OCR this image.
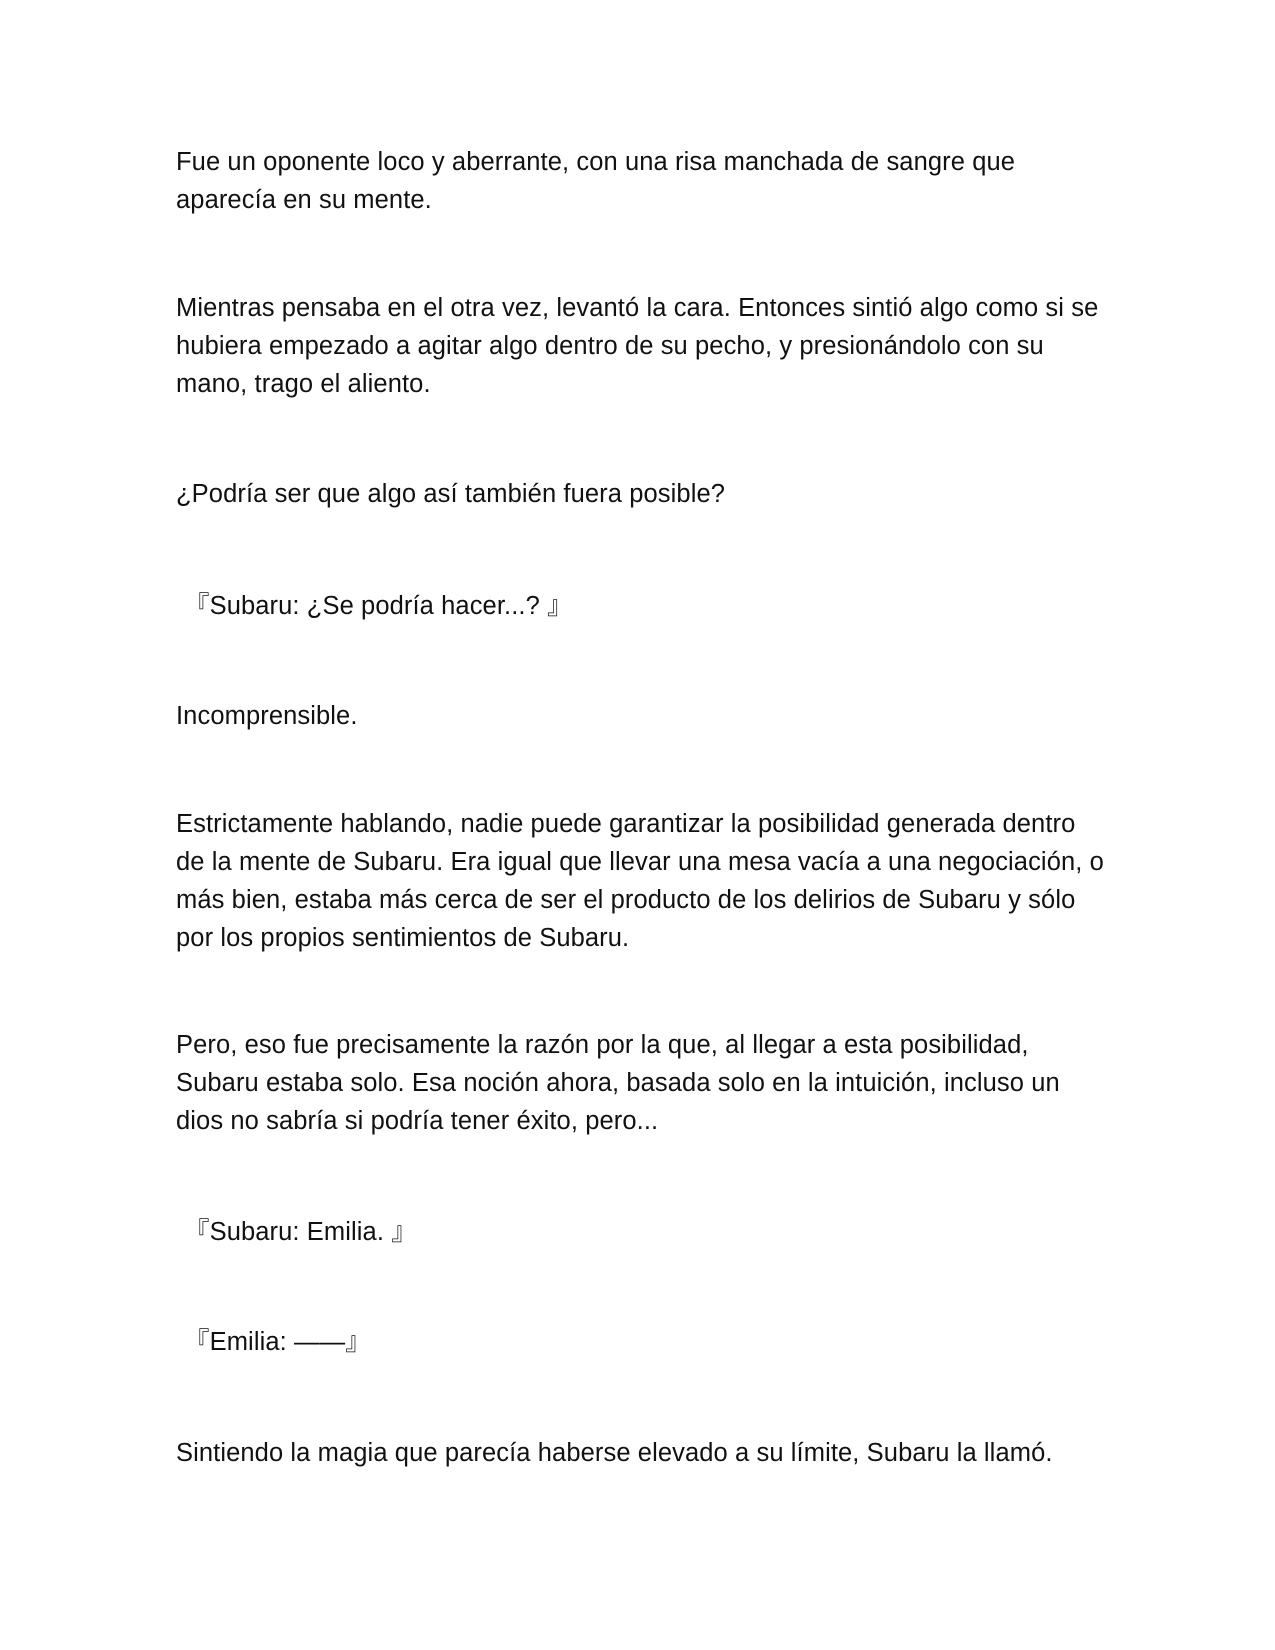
Fue un oponente loco y aberrante, con una risa manchada de sangre que aparecía en su mente.

Mientras pensaba en el otra vez, levantó la cara. Entonces sintió algo como si se hubiera empezado a agitar algo dentro de su pecho, y presionándolo con su mano, trago el aliento.

¿Podría ser que algo así también fuera posible?

『Subaru: ¿Se podría hacer...? 』

Incomprensible.

Estrictamente hablando, nadie puede garantizar la posibilidad generada dentro de la mente de Subaru. Era igual que llevar una mesa vacía a una negociación, o más bien, estaba más cerca de ser el producto de los delirios de Subaru y sólo por los propios sentimientos de Subaru.

Pero, eso fue precisamente la razón por la que, al llegar a esta posibilidad, Subaru estaba solo. Esa noción ahora, basada solo en la intuición, incluso un dios no sabría si podría tener éxito, pero...

『Subaru: Emilia. 』

『Emilia: ——』

Sintiendo la magia que parecía haberse elevado a su límite, Subaru la llamó.
